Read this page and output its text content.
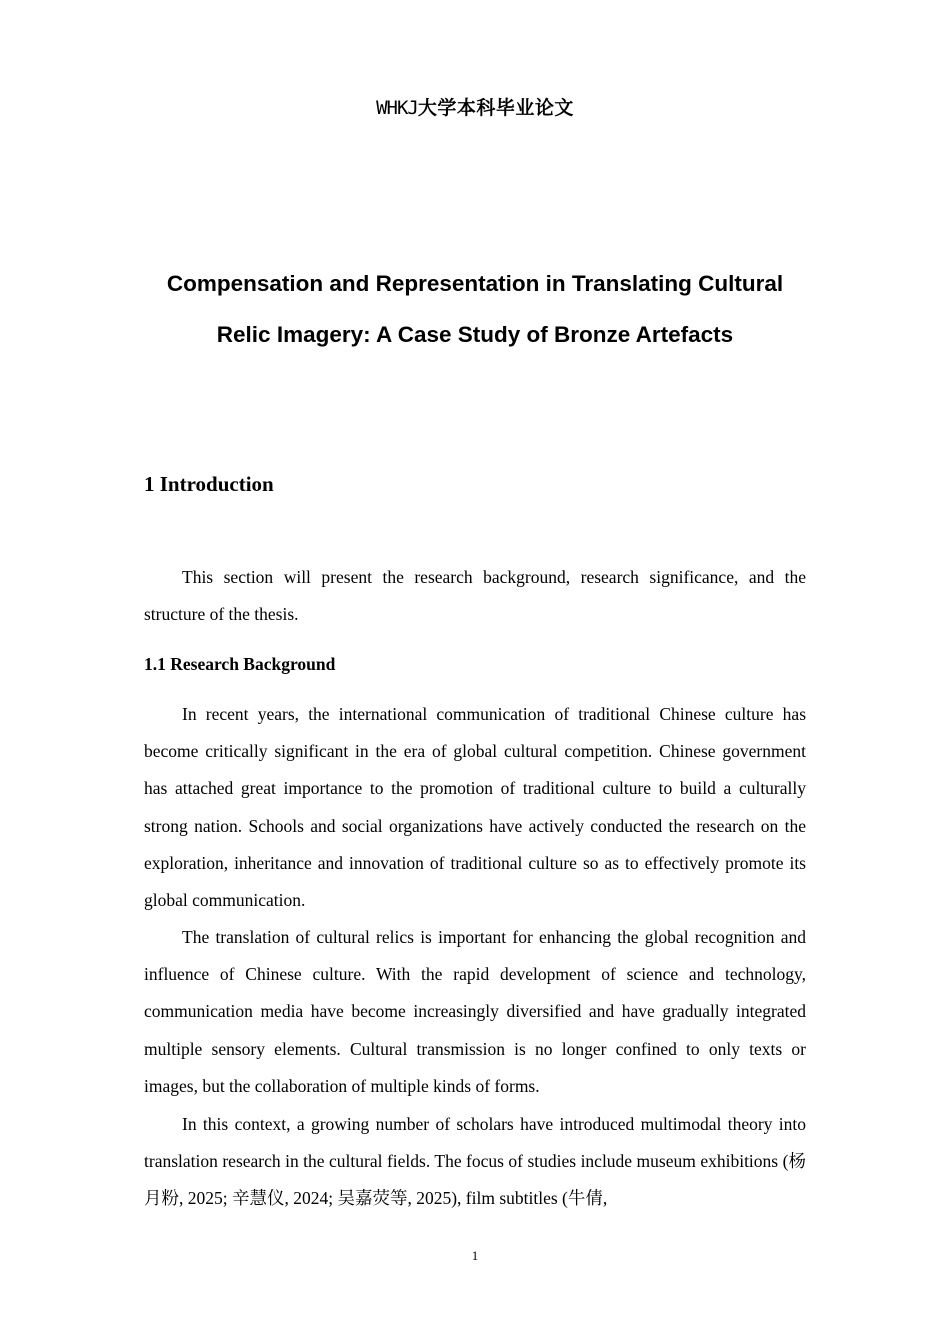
WHKJ大学本科毕业论文
Compensation and Representation in Translating Cultural
Relic Imagery: A Case Study of Bronze Artefacts
1 Introduction

This section will present the research background, research significance, and the structure of the thesis.

1.1 Research Background

In recent years, the international communication of traditional Chinese culture has become critically significant in the era of global cultural competition. Chinese government has attached great importance to the promotion of traditional culture to build a culturally strong nation. Schools and social organizations have actively conducted the research on the exploration, inheritance and innovation of traditional culture so as to effectively promote its global communication.

The translation of cultural relics is important for enhancing the global recognition and influence of Chinese culture. With the rapid development of science and technology, communication media have become increasingly diversified and have gradually integrated multiple sensory elements. Cultural transmission is no longer confined to only texts or images, but the collaboration of multiple kinds of forms.

In this context, a growing number of scholars have introduced multimodal theory into translation research in the cultural fields. The focus of studies include museum exhibitions (杨月粉, 2025; 辛慧仪, 2024; 吴嘉荧等, 2025), film subtitles (牛倩,

1
